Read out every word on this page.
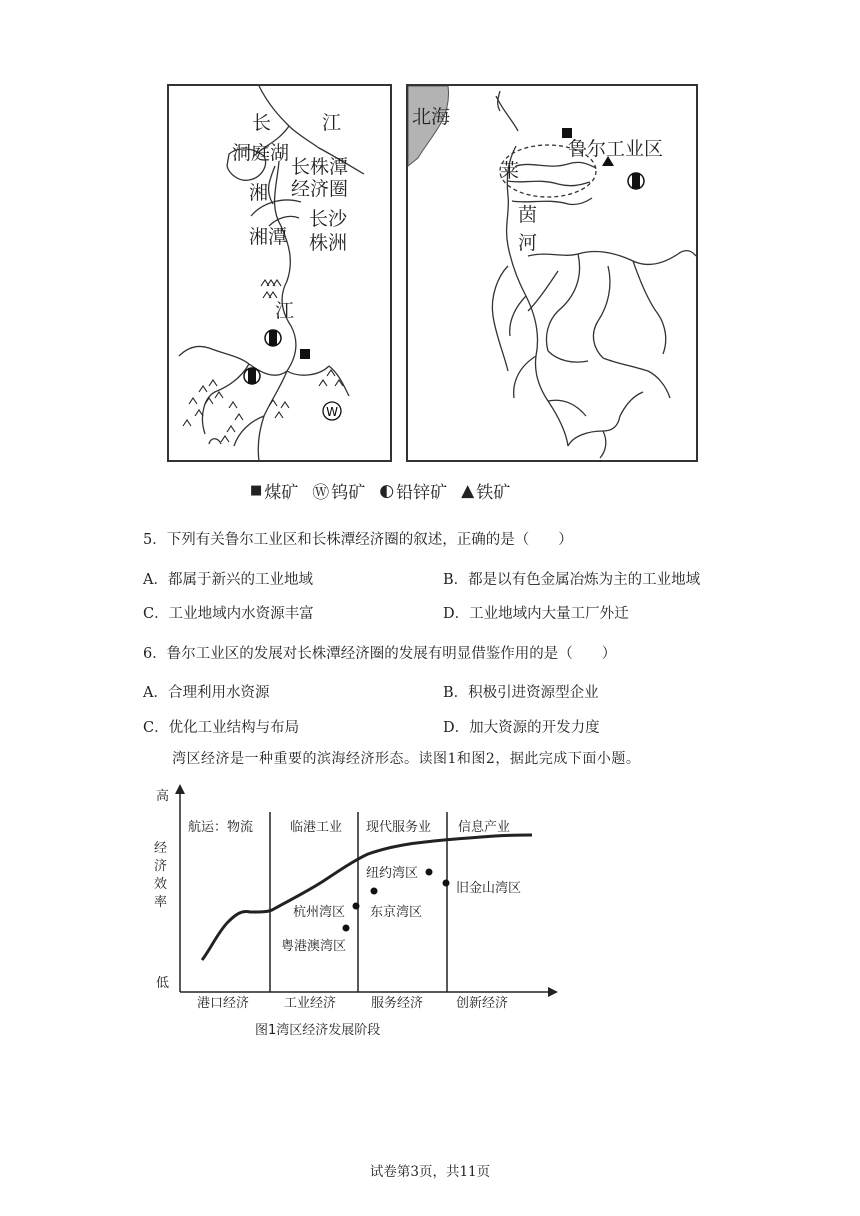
W
长	江
洞庭湖
长株潭
经济圈
湘
长沙
湘潭 株洲
江
北海
鲁尔工业区
莱
茵
河
■ 煤矿 Ⓦ 钨矿 ◐ 铅锌矿 ▲ 铁矿
5．下列有关鲁尔工业区和长株潭经济圈的叙述，正确的是（　　）
A．都属于新兴的工业地域	B．都是以有色金属冶炼为主的工业地域
C．工业地域内水资源丰富	D．工业地域内大量工厂外迁
6．鲁尔工业区的发展对长株潭经济圈的发展有明显借鉴作用的是（　　）
A．合理利用水资源	B．积极引进资源型企业
C．优化工业结构与布局	D．加大资源的开发力度
湾区经济是一种重要的滨海经济形态。读图1和图2，据此完成下面小题。
高
经济效率
低
航运：物流	临港工业 现代服务业 信息产业
纽约湾区
旧金山湾区
东京湾区
杭州湾区
粤港澳湾区
港口经济	工业经济	服务经济	创新经济
图1湾区经济发展阶段
试卷第3页，共11页
